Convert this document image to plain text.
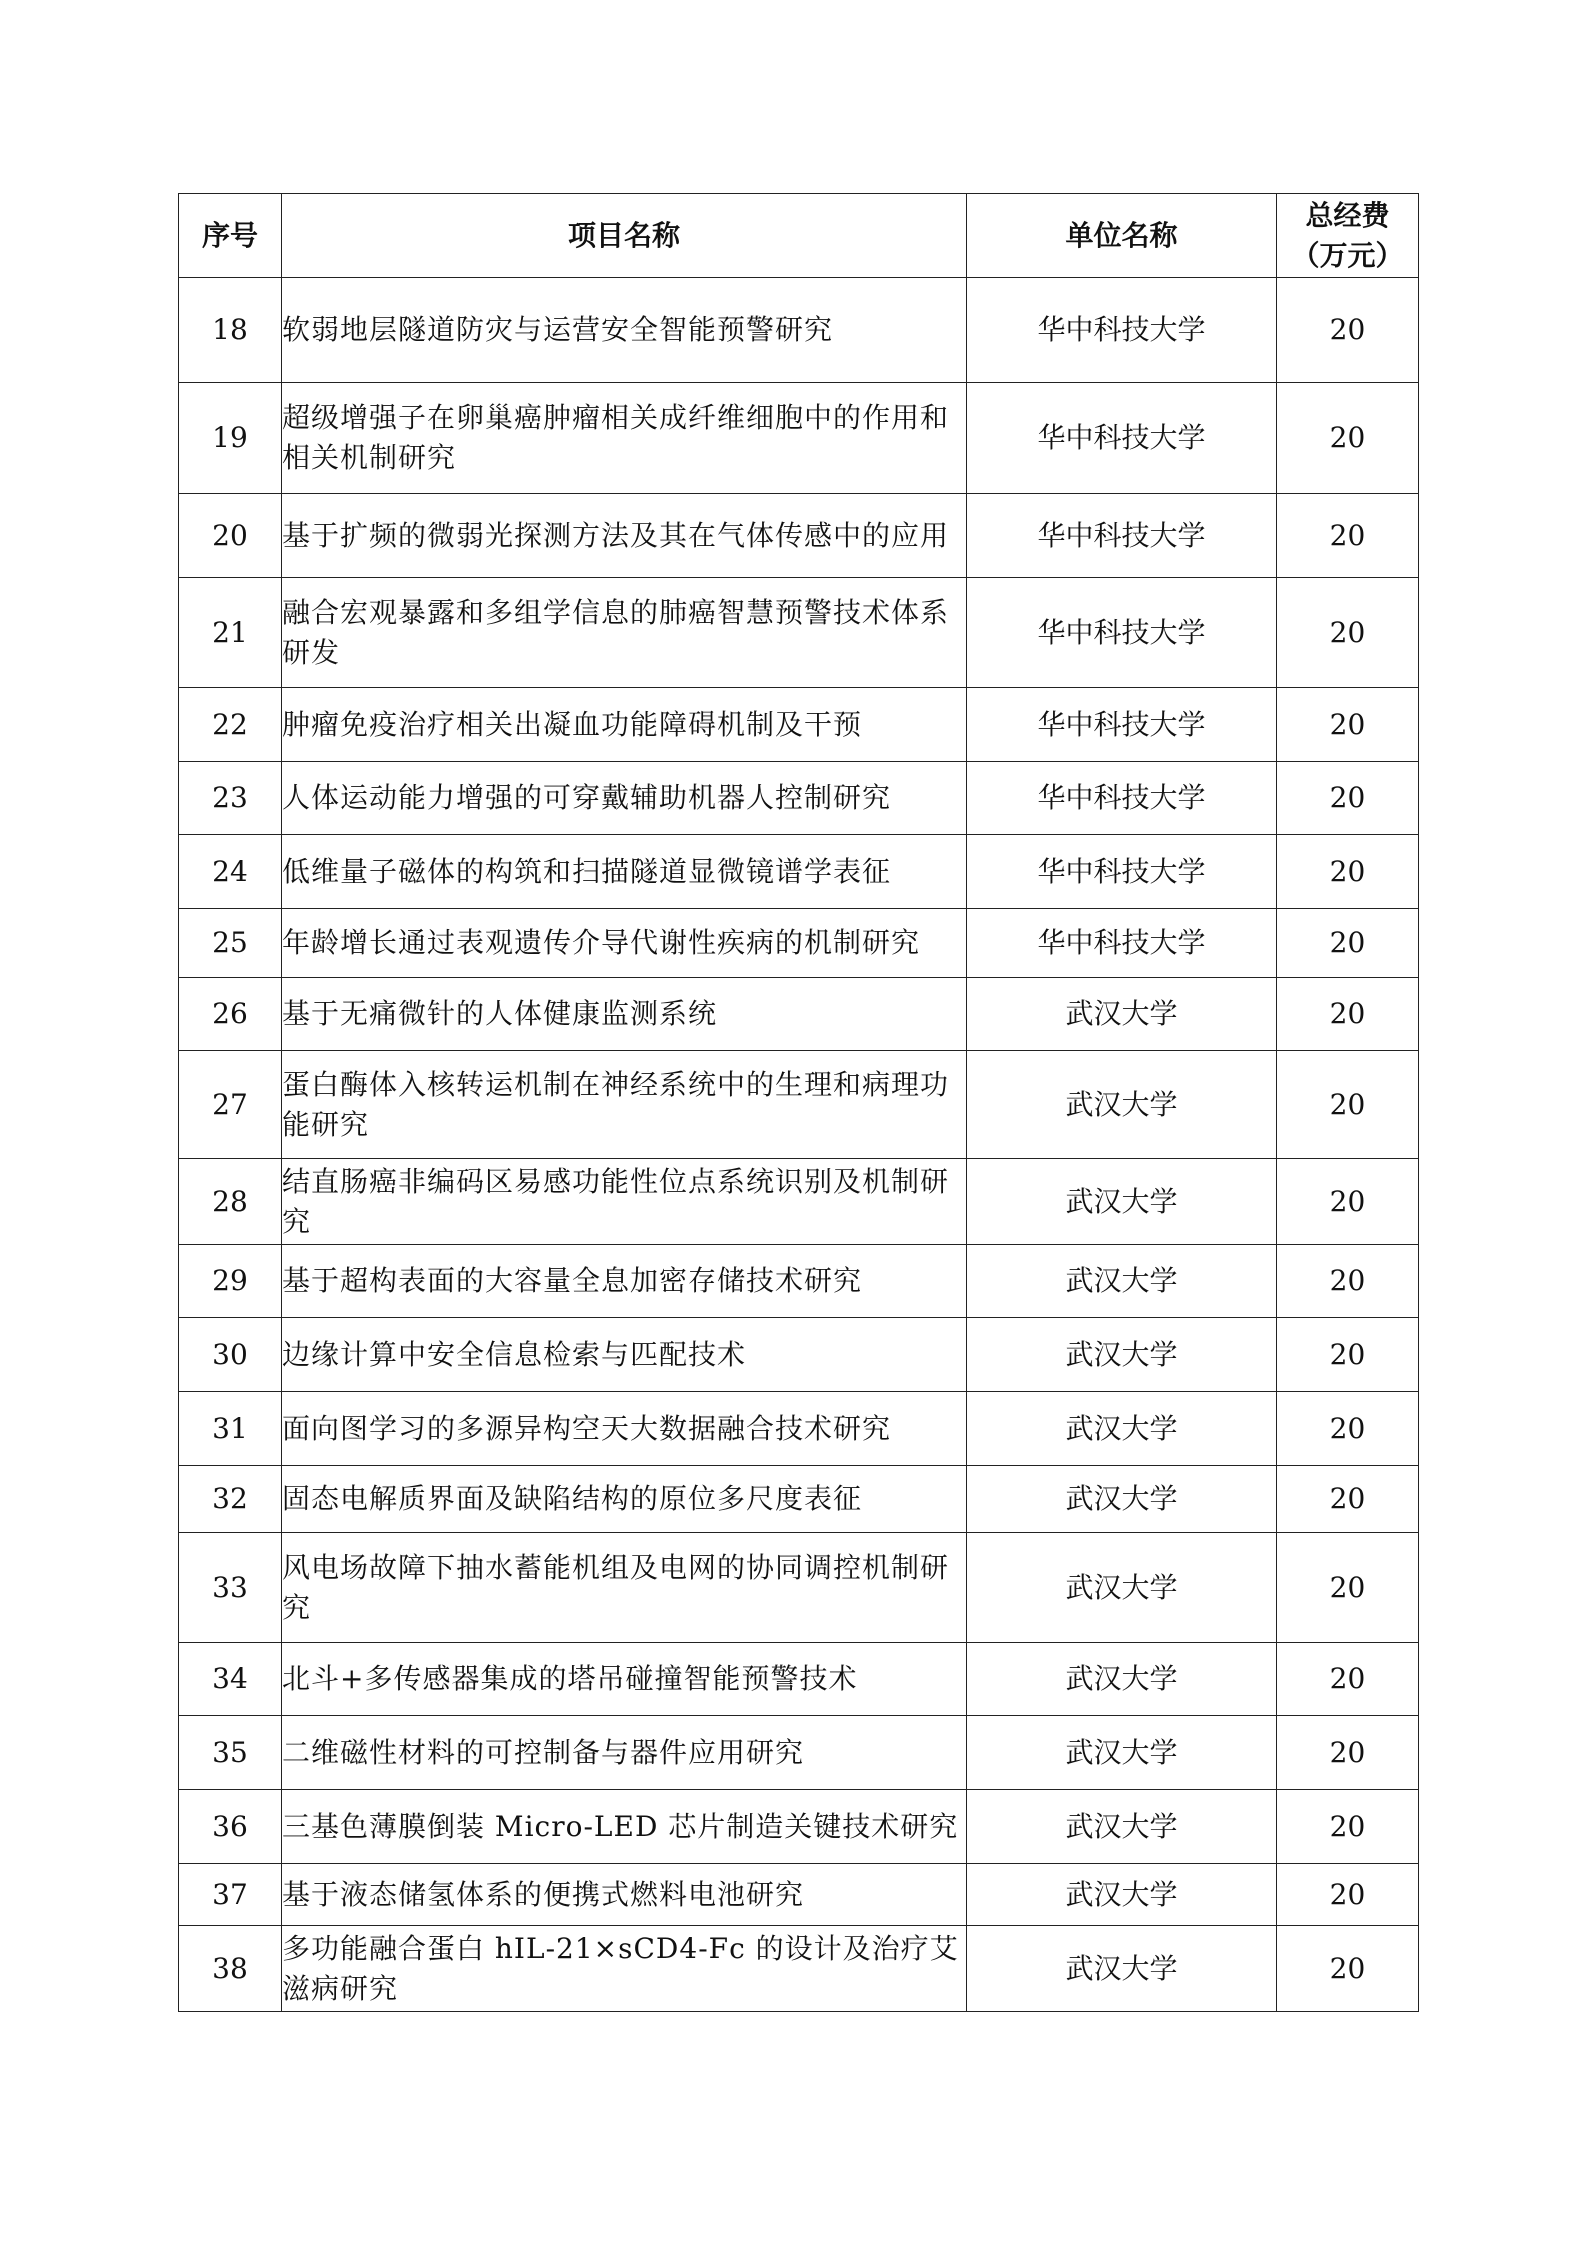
序号	项目名称	单位名称	总经费
（万元）

18	软弱地层隧道防灾与运营安全智能预警研究	华中科技大学	20
19	超级增强子在卵巢癌肿瘤相关成纤维细胞中的作用和相关机制研究	华中科技大学	20
20	基于扩频的微弱光探测方法及其在气体传感中的应用	华中科技大学	20
21	融合宏观暴露和多组学信息的肺癌智慧预警技术体系研发	华中科技大学	20
22	肿瘤免疫治疗相关出凝血功能障碍机制及干预	华中科技大学	20
23	人体运动能力增强的可穿戴辅助机器人控制研究	华中科技大学	20
24	低维量子磁体的构筑和扫描隧道显微镜谱学表征	华中科技大学	20
25	年龄增长通过表观遗传介导代谢性疾病的机制研究	华中科技大学	20
26	基于无痛微针的人体健康监测系统	武汉大学	20
27	蛋白酶体入核转运机制在神经系统中的生理和病理功能研究	武汉大学	20
28	结直肠癌非编码区易感功能性位点系统识别及机制研究	武汉大学	20
29	基于超构表面的大容量全息加密存储技术研究	武汉大学	20
30	边缘计算中安全信息检索与匹配技术	武汉大学	20
31	面向图学习的多源异构空天大数据融合技术研究	武汉大学	20
32	固态电解质界面及缺陷结构的原位多尺度表征	武汉大学	20
33	风电场故障下抽水蓄能机组及电网的协同调控机制研究	武汉大学	20
34	北斗+多传感器集成的塔吊碰撞智能预警技术	武汉大学	20
35	二维磁性材料的可控制备与器件应用研究	武汉大学	20
36	三基色薄膜倒装 Micro-LED 芯片制造关键技术研究	武汉大学	20
37	基于液态储氢体系的便携式燃料电池研究	武汉大学	20
38	多功能融合蛋白 hIL-21×sCD4-Fc 的设计及治疗艾滋病研究	武汉大学	20
